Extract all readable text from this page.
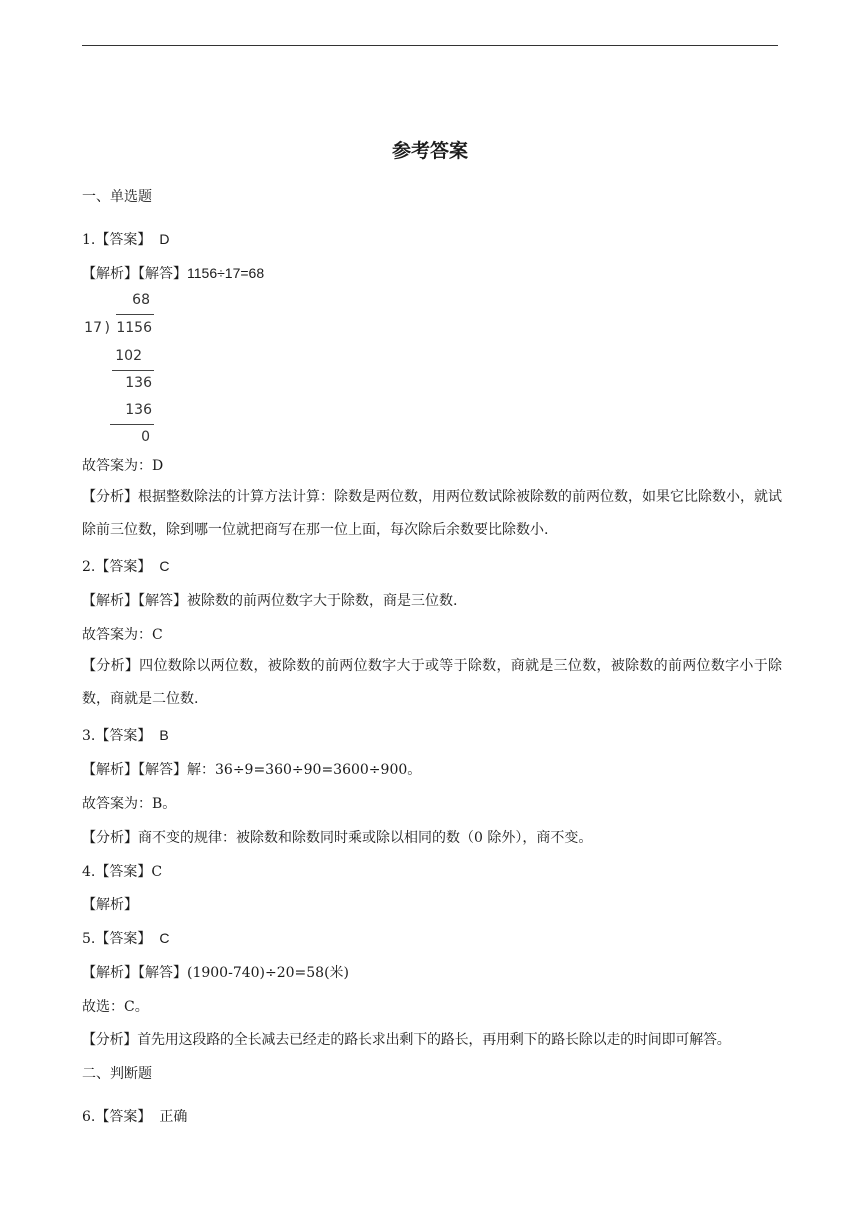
参考答案
一、单选题
1.【答案】 D
【解析】【解答】1156÷17=68
68
17 ) 1156
102
136
136
0
故答案为：D
【分析】根据整数除法的计算方法计算：除数是两位数，用两位数试除被除数的前两位数，如果它比除数小，就试除前三位数，除到哪一位就把商写在那一位上面，每次除后余数要比除数小.
2.【答案】 C
【解析】【解答】被除数的前两位数字大于除数，商是三位数.
故答案为：C
【分析】四位数除以两位数，被除数的前两位数字大于或等于除数，商就是三位数，被除数的前两位数字小于除数，商就是二位数.
3.【答案】 B
【解析】【解答】解：36÷9=360÷90=3600÷900。
故答案为：B。
【分析】商不变的规律：被除数和除数同时乘或除以相同的数（0 除外），商不变。
4.【答案】C
【解析】
5.【答案】 C
【解析】【解答】(1900-740)÷20=58(米)
故选：C。
【分析】首先用这段路的全长减去已经走的路长求出剩下的路长，再用剩下的路长除以走的时间即可解答。
二、判断题
6.【答案】 正确
